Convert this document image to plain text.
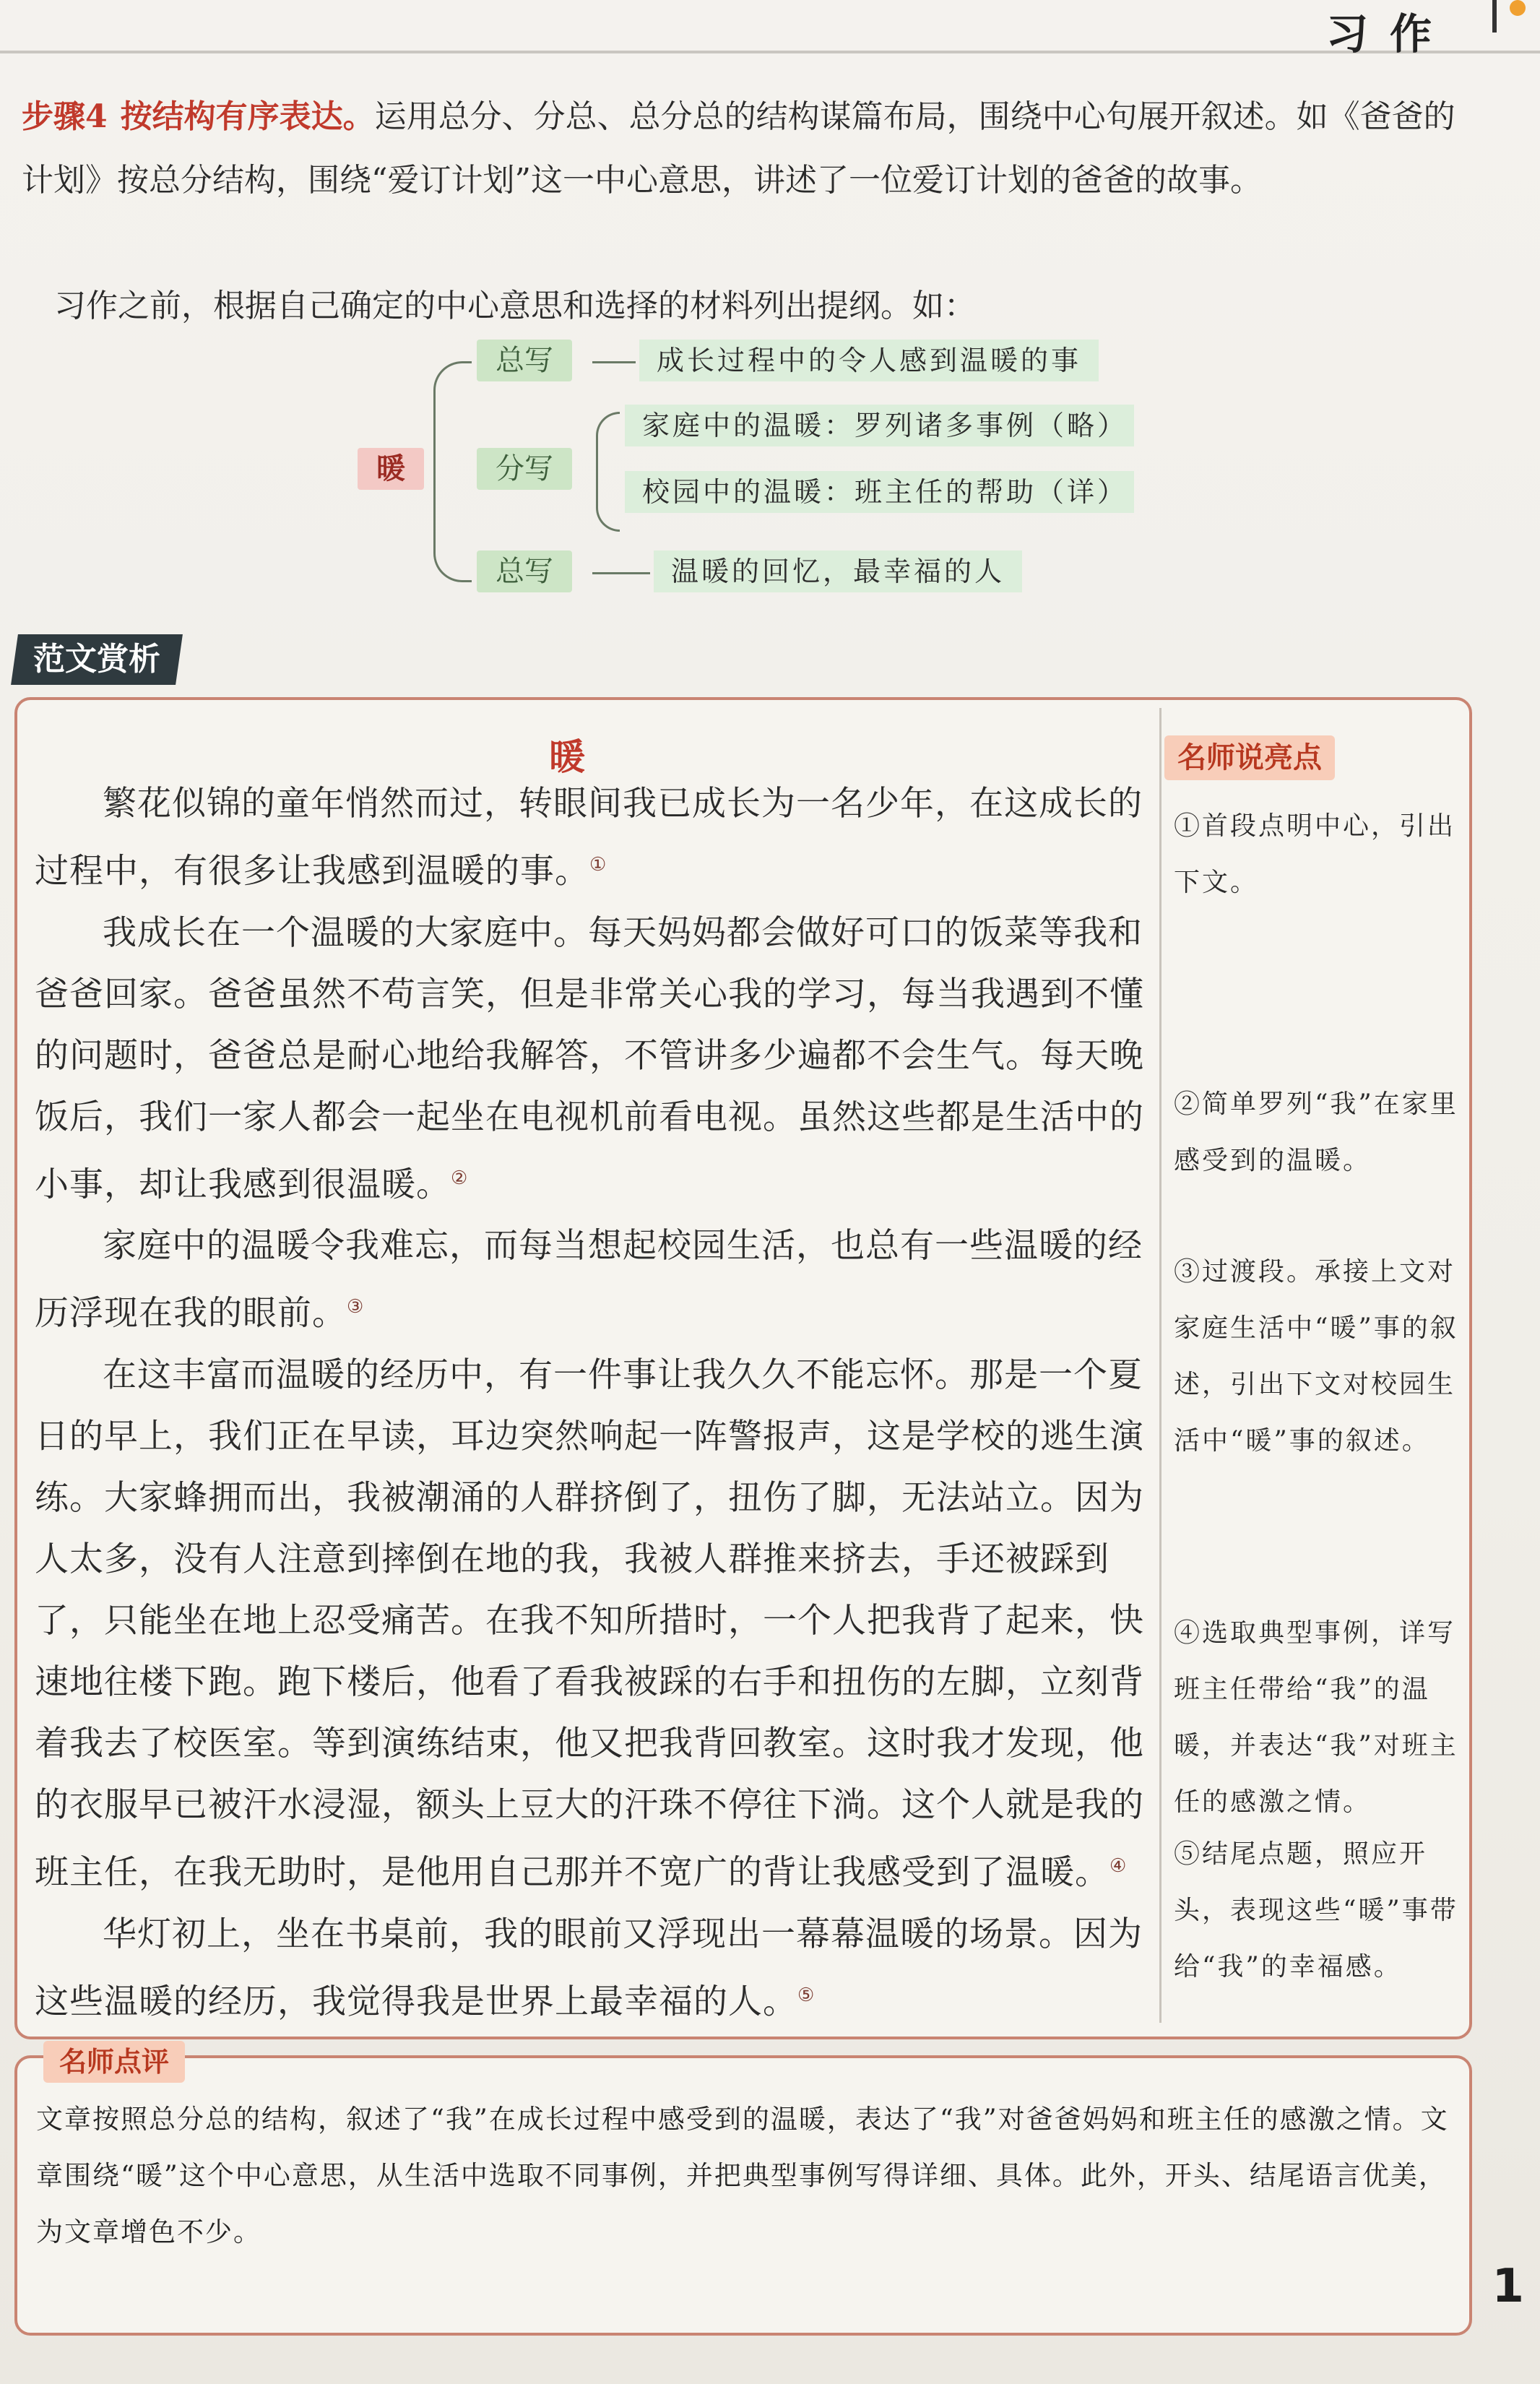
习作
步骤4 按结构有序表达。运用总分、分总、总分总的结构谋篇布局，围绕中心句展开叙述。如《爸爸的计划》按总分结构，围绕“爱订计划”这一中心意思，讲述了一位爱订计划的爸爸的故事。
习作之前，根据自己确定的中心意思和选择的材料列出提纲。如：
暖
总写	成长过程中的令人感到温暖的事
分写
家庭中的温暖：罗列诸多事例（略）
校园中的温暖：班主任的帮助（详）
总写	温暖的回忆，最幸福的人
范文赏析
暖

繁花似锦的童年悄然而过，转眼间我已成长为一名少年，在这成长的过程中，有很多让我感到温暖的事。①

我成长在一个温暖的大家庭中。每天妈妈都会做好可口的饭菜等我和爸爸回家。爸爸虽然不苟言笑，但是非常关心我的学习，每当我遇到不懂的问题时，爸爸总是耐心地给我解答，不管讲多少遍都不会生气。每天晚饭后，我们一家人都会一起坐在电视机前看电视。虽然这些都是生活中的小事，却让我感到很温暖。②

家庭中的温暖令我难忘，而每当想起校园生活，也总有一些温暖的经历浮现在我的眼前。③

在这丰富而温暖的经历中，有一件事让我久久不能忘怀。那是一个夏日的早上，我们正在早读，耳边突然响起一阵警报声，这是学校的逃生演练。大家蜂拥而出，我被潮涌的人群挤倒了，扭伤了脚，无法站立。因为人太多，没有人注意到摔倒在地的我，我被人群推来挤去，手还被踩到了，只能坐在地上忍受痛苦。在我不知所措时，一个人把我背了起来，快速地往楼下跑。跑下楼后，他看了看我被踩的右手和扭伤的左脚，立刻背着我去了校医室。等到演练结束，他又把我背回教室。这时我才发现，他的衣服早已被汗水浸湿，额头上豆大的汗珠不停往下淌。这个人就是我的班主任，在我无助时，是他用自己那并不宽广的背让我感受到了温暖。④

华灯初上，坐在书桌前，我的眼前又浮现出一幕幕温暖的场景。因为这些温暖的经历，我觉得我是世界上最幸福的人。⑤

名师说亮点
①首段点明中心，引出下文。
②简单罗列“我”在家里感受到的温暖。
③过渡段。承接上文对家庭生活中“暖”事的叙述，引出下文对校园生活中“暖”事的叙述。
④选取典型事例，详写班主任带给“我”的温暖，并表达“我”对班主任的感激之情。
⑤结尾点题，照应开头，表现这些“暖”事带给“我”的幸福感。
名师点评
文章按照总分总的结构，叙述了“我”在成长过程中感受到的温暖，表达了“我”对爸爸妈妈和班主任的感激之情。文章围绕“暖”这个中心意思，从生活中选取不同事例，并把典型事例写得详细、具体。此外，开头、结尾语言优美，为文章增色不少。
1
